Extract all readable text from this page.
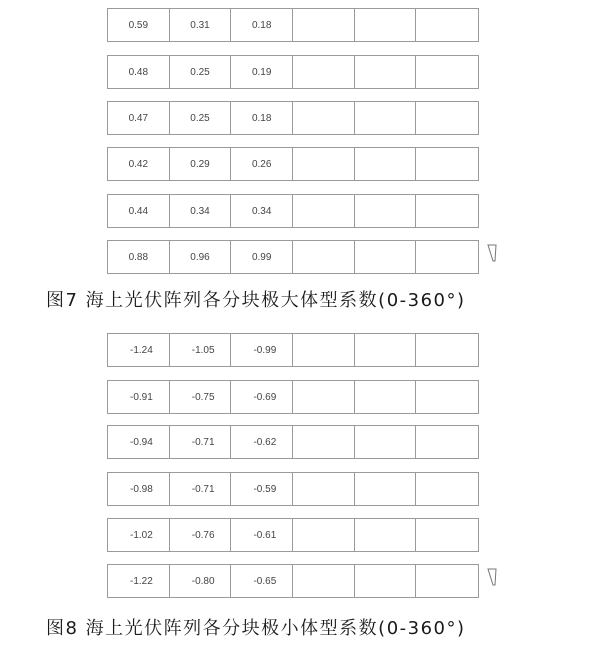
0.59	0.31	0.18
0.48	0.25	0.19
0.47	0.25	0.18
0.42	0.29	0.26
0.44	0.34	0.34
0.88	0.96	0.99
图7 海上光伏阵列各分块极大体型系数(0-360°)
-1.24	-1.05	-0.99
-0.91	-0.75	-0.69
-0.94	-0.71	-0.62
-0.98	-0.71	-0.59
-1.02	-0.76	-0.61
-1.22	-0.80	-0.65
图8 海上光伏阵列各分块极小体型系数(0-360°)
